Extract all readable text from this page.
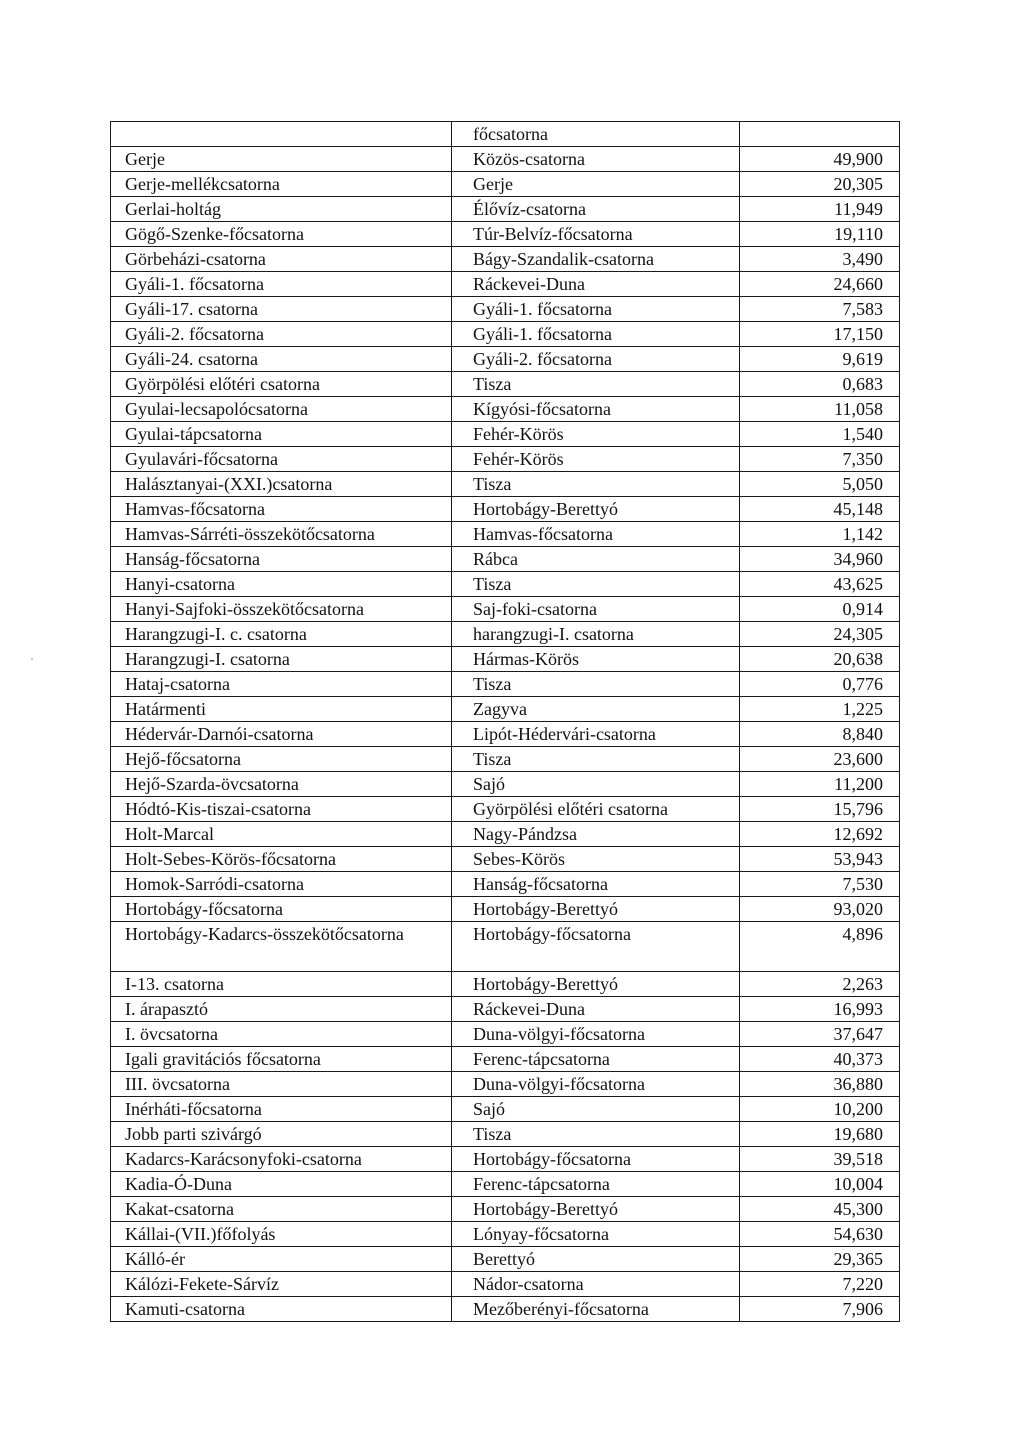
	főcsatorna	
Gerje	Közös-csatorna	49,900
Gerje-mellékcsatorna	Gerje	20,305
Gerlai-holtág	Élővíz-csatorna	11,949
Gögő-Szenke-főcsatorna	Túr-Belvíz-főcsatorna	19,110
Görbeházi-csatorna	Bágy-Szandalik-csatorna	3,490
Gyáli-1. főcsatorna	Ráckevei-Duna	24,660
Gyáli-17. csatorna	Gyáli-1. főcsatorna	7,583
Gyáli-2. főcsatorna	Gyáli-1. főcsatorna	17,150
Gyáli-24. csatorna	Gyáli-2. főcsatorna	9,619
Györpölési előtéri csatorna	Tisza	0,683
Gyulai-lecsapolócsatorna	Kígyósi-főcsatorna	11,058
Gyulai-tápcsatorna	Fehér-Körös	1,540
Gyulavári-főcsatorna	Fehér-Körös	7,350
Halásztanyai-(XXI.)csatorna	Tisza	5,050
Hamvas-főcsatorna	Hortobágy-Berettyó	45,148
Hamvas-Sárréti-összekötőcsatorna	Hamvas-főcsatorna	1,142
Hanság-főcsatorna	Rábca	34,960
Hanyi-csatorna	Tisza	43,625
Hanyi-Sajfoki-összekötőcsatorna	Saj-foki-csatorna	0,914
Harangzugi-I. c. csatorna	harangzugi-I. csatorna	24,305
Harangzugi-I. csatorna	Hármas-Körös	20,638
Hataj-csatorna	Tisza	0,776
Határmenti	Zagyva	1,225
Hédervár-Darnói-csatorna	Lipót-Hédervári-csatorna	8,840
Hejő-főcsatorna	Tisza	23,600
Hejő-Szarda-övcsatorna	Sajó	11,200
Hódtó-Kis-tiszai-csatorna	Györpölési előtéri csatorna	15,796
Holt-Marcal	Nagy-Pándzsa	12,692
Holt-Sebes-Körös-főcsatorna	Sebes-Körös	53,943
Homok-Sarródi-csatorna	Hanság-főcsatorna	7,530
Hortobágy-főcsatorna	Hortobágy-Berettyó	93,020
Hortobágy-Kadarcs-összekötőcsatorna	Hortobágy-főcsatorna	4,896
I-13. csatorna	Hortobágy-Berettyó	2,263
I. árapasztó	Ráckevei-Duna	16,993
I. övcsatorna	Duna-völgyi-főcsatorna	37,647
Igali gravitációs főcsatorna	Ferenc-tápcsatorna	40,373
III. övcsatorna	Duna-völgyi-főcsatorna	36,880
Inérháti-főcsatorna	Sajó	10,200
Jobb parti szivárgó	Tisza	19,680
Kadarcs-Karácsonyfoki-csatorna	Hortobágy-főcsatorna	39,518
Kadia-Ó-Duna	Ferenc-tápcsatorna	10,004
Kakat-csatorna	Hortobágy-Berettyó	45,300
Kállai-(VII.)főfolyás	Lónyay-főcsatorna	54,630
Kálló-ér	Berettyó	29,365
Kálózi-Fekete-Sárvíz	Nádor-csatorna	7,220
Kamuti-csatorna	Mezőberényi-főcsatorna	7,906
